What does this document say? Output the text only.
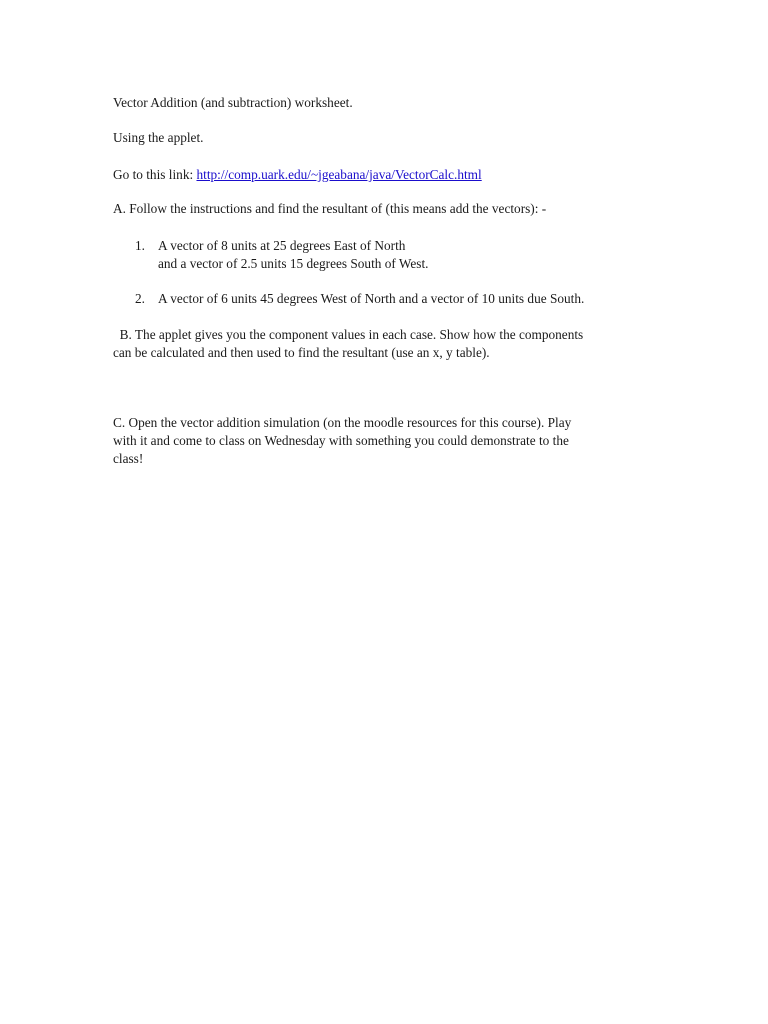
Vector Addition (and subtraction) worksheet.
Using the applet.
Go to this link: http://comp.uark.edu/~jgeabana/java/VectorCalc.html
A. Follow the instructions and find the resultant of (this means add the vectors): -
1. A vector of 8 units at 25 degrees East of North
and a vector of 2.5 units 15 degrees South of West.
2. A vector of 6 units 45 degrees West of North and a vector of 10 units due South.
B. The applet gives you the component values in each case. Show how the components
can be calculated and then used to find the resultant (use an x, y table).
C. Open the vector addition simulation (on the moodle resources for this course). Play
with it and come to class on Wednesday with something you could demonstrate to the
class!
